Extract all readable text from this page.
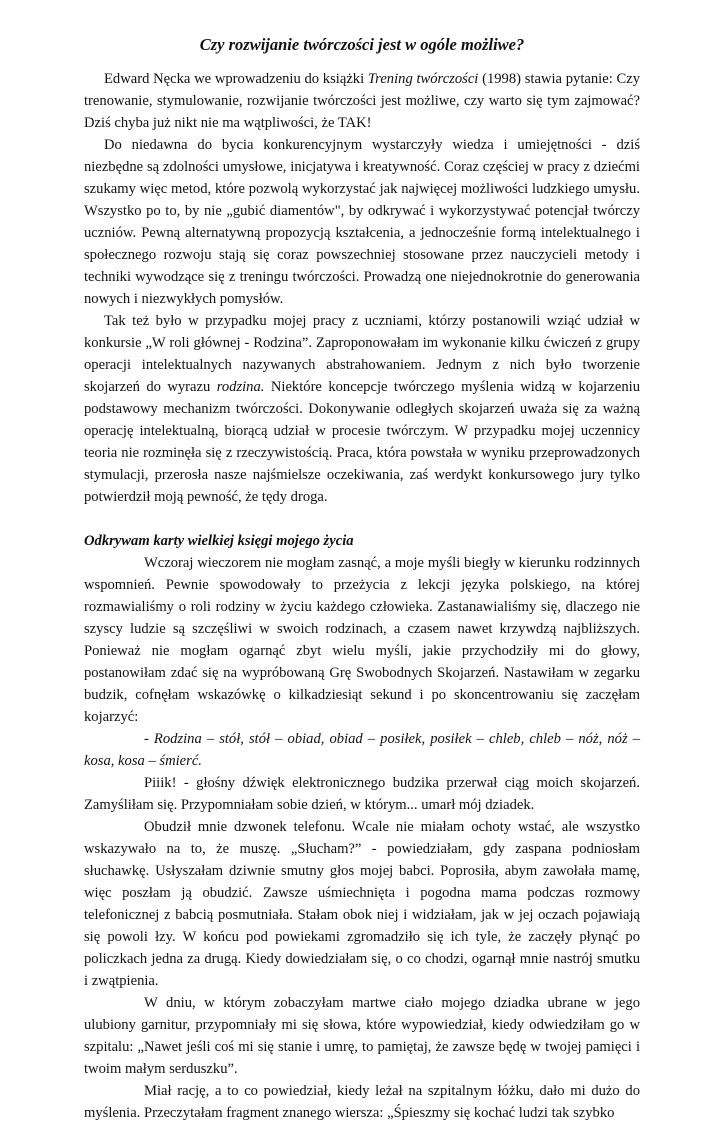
Czy rozwijanie twórczości jest w ogóle możliwe?

Edward Nęcka we wprowadzeniu do książki Trening twórczości (1998) stawia pytanie: Czy trenowanie, stymulowanie, rozwijanie twórczości jest możliwe, czy warto się tym zajmować? Dziś chyba już nikt nie ma wątpliwości, że TAK!

Do niedawna do bycia konkurencyjnym wystarczyły wiedza i umiejętności - dziś niezbędne są zdolności umysłowe, inicjatywa i kreatywność. Coraz częściej w pracy z dziećmi szukamy więc metod, które pozwolą wykorzystać jak najwięcej możliwości ludzkiego umysłu. Wszystko po to, by nie „gubić diamentów", by odkrywać i wykorzystywać potencjał twórczy uczniów. Pewną alternatywną propozycją kształcenia, a jednocześnie formą intelektualnego i społecznego rozwoju stają się coraz powszechniej stosowane przez nauczycieli metody i techniki wywodzące się z treningu twórczości. Prowadzą one niejednokrotnie do generowania nowych i niezwykłych pomysłów.

Tak też było w przypadku mojej pracy z uczniami, którzy postanowili wziąć udział w konkursie „W roli głównej - Rodzina”. Zaproponowałam im wykonanie kilku ćwiczeń z grupy operacji intelektualnych nazywanych abstrahowaniem. Jednym z nich było tworzenie skojarzeń do wyrazu rodzina. Niektóre koncepcje twórczego myślenia widzą w kojarzeniu podstawowy mechanizm twórczości. Dokonywanie odległych skojarzeń uważa się za ważną operację intelektualną, biorącą udział w procesie twórczym. W przypadku mojej uczennicy teoria nie rozminęła się z rzeczywistością. Praca, która powstała w wyniku przeprowadzonych stymulacji, przerosła nasze najśmielsze oczekiwania, zaś werdykt konkursowego jury tylko potwierdził moją pewność, że tędy droga.

Odkrywam karty wielkiej księgi mojego życia

Wczoraj wieczorem nie mogłam zasnąć, a moje myśli biegły w kierunku rodzinnych wspomnień. Pewnie spowodowały to przeżycia z lekcji języka polskiego, na której rozmawialiśmy o roli rodziny w życiu każdego człowieka. Zastanawialiśmy się, dlaczego nie szyscy ludzie są szczęśliwi w swoich rodzinach, a czasem nawet krzywdzą najbliższych. Ponieważ nie mogłam ogarnąć zbyt wielu myśli, jakie przychodziły mi do głowy, postanowiłam zdać się na wypróbowaną Grę Swobodnych Skojarzeń. Nastawiłam w zegarku budzik, cofnęłam wskazówkę o kilkadziesiąt sekund i po skoncentrowaniu się zaczęłam kojarzyć:

- Rodzina – stół, stół – obiad, obiad – posiłek, posiłek – chleb, chleb – nóż, nóż – kosa, kosa – śmierć.

Piiik! - głośny dźwięk elektronicznego budzika przerwał ciąg moich skojarzeń. Zamyśliłam się. Przypomniałam sobie dzień, w którym... umarł mój dziadek.

Obudził mnie dzwonek telefonu. Wcale nie miałam ochoty wstać, ale wszystko wskazywało na to, że muszę. „Słucham?” - powiedziałam, gdy zaspana podniosłam słuchawkę. Usłyszałam dziwnie smutny głos mojej babci. Poprosiła, abym zawołała mamę, więc poszłam ją obudzić. Zawsze uśmiechnięta i pogodna mama podczas rozmowy telefonicznej z babcią posmutniała. Stałam obok niej i widziałam, jak w jej oczach pojawiają się powoli łzy. W końcu pod powiekami zgromadziło się ich tyle, że zaczęły płynąć po policzkach jedna za drugą. Kiedy dowiedziałam się, o co chodzi, ogarnął mnie nastrój smutku i zwątpienia.

W dniu, w którym zobaczyłam martwe ciało mojego dziadka ubrane w jego ulubiony garnitur, przypomniały mi się słowa, które wypowiedział, kiedy odwiedziłam go w szpitalu: „Nawet jeśli coś mi się stanie i umrę, to pamiętaj, że zawsze będę w twojej pamięci i twoim małym serduszku”.

Miał rację, a to co powiedział, kiedy leżał na szpitalnym łóżku, dało mi dużo do myślenia. Przeczytałam fragment znanego wiersza: „Śpieszmy się kochać ludzi tak szybko
